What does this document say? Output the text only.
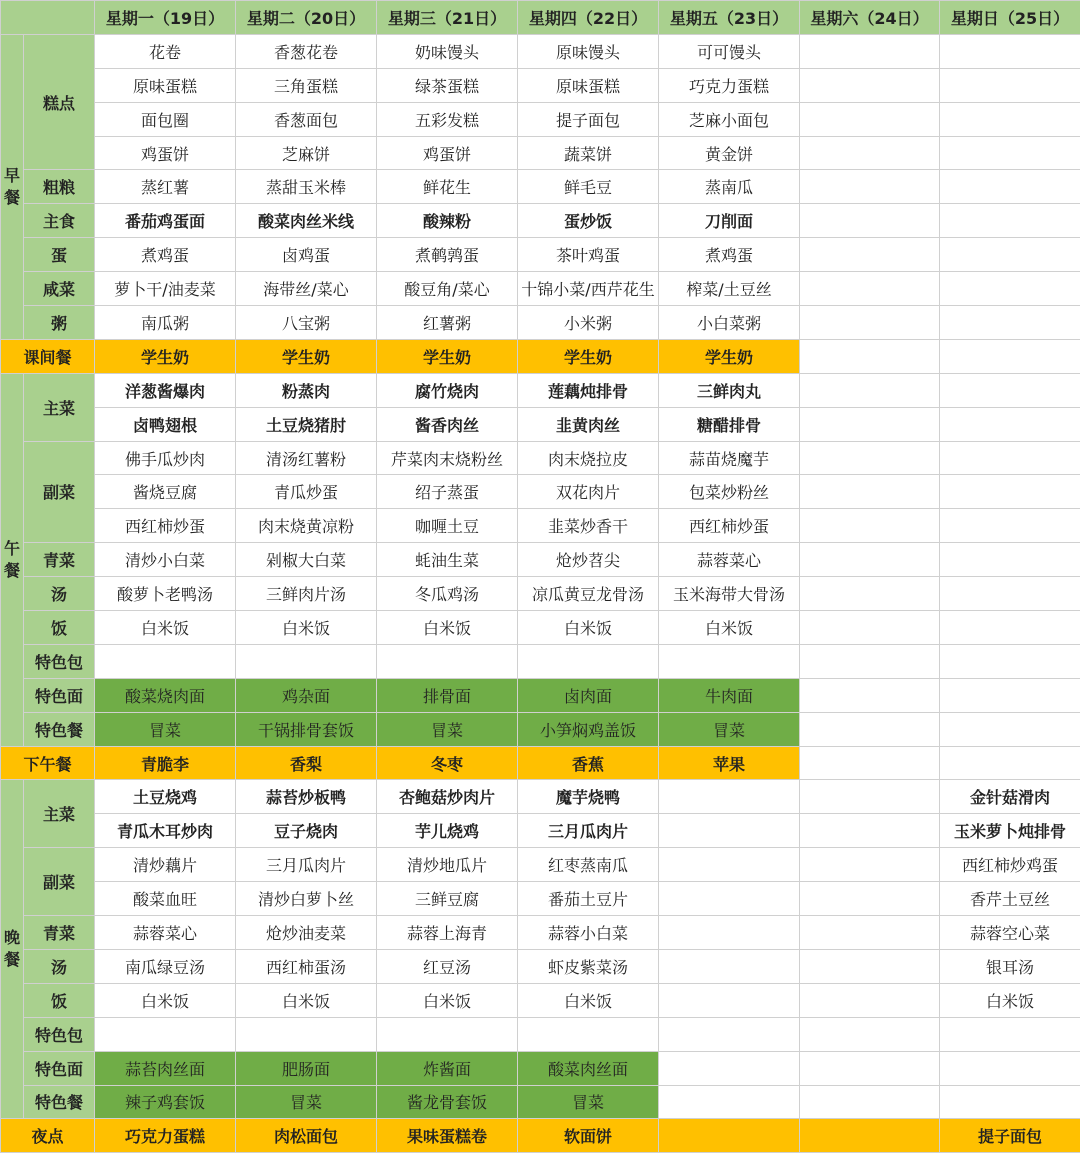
		星期一（19日）	星期二（20日）	星期三（21日）	星期四（22日）	星期五（23日）	星期六（24日）	星期日（25日）
早餐	糕点	花卷	香葱花卷	奶味馒头	原味馒头	可可馒头		
		原味蛋糕	三角蛋糕	绿茶蛋糕	原味蛋糕	巧克力蛋糕		
		面包圈	香葱面包	五彩发糕	提子面包	芝麻小面包		
		鸡蛋饼	芝麻饼	鸡蛋饼	蔬菜饼	黄金饼		
	粗粮	蒸红薯	蒸甜玉米棒	鲜花生	鲜毛豆	蒸南瓜		
	主食	番茄鸡蛋面	酸菜肉丝米线	酸辣粉	蛋炒饭	刀削面		
	蛋	煮鸡蛋	卤鸡蛋	煮鹌鹑蛋	茶叶鸡蛋	煮鸡蛋		
	咸菜	萝卜干/油麦菜	海带丝/菜心	酸豆角/菜心	十锦小菜/西芹花生	榨菜/土豆丝		
	粥	南瓜粥	八宝粥	红薯粥	小米粥	小白菜粥		
课间餐		学生奶	学生奶	学生奶	学生奶	学生奶		
午餐	主菜	洋葱酱爆肉	粉蒸肉	腐竹烧肉	莲藕炖排骨	三鲜肉丸		
		卤鸭翅根	土豆烧猪肘	酱香肉丝	韭黄肉丝	糖醋排骨		
	副菜	佛手瓜炒肉	清汤红薯粉	芹菜肉末烧粉丝	肉末烧拉皮	蒜苗烧魔芋		
		酱烧豆腐	青瓜炒蛋	绍子蒸蛋	双花肉片	包菜炒粉丝		
		西红柿炒蛋	肉末烧黄凉粉	咖喱土豆	韭菜炒香干	西红柿炒蛋		
	青菜	清炒小白菜	剁椒大白菜	蚝油生菜	炝炒苕尖	蒜蓉菜心		
	汤	酸萝卜老鸭汤	三鲜肉片汤	冬瓜鸡汤	凉瓜黄豆龙骨汤	玉米海带大骨汤		
	饭	白米饭	白米饭	白米饭	白米饭	白米饭		
	特色包							
	特色面	酸菜烧肉面	鸡杂面	排骨面	卤肉面	牛肉面		
	特色餐	冒菜	干锅排骨套饭	冒菜	小笋焖鸡盖饭	冒菜		
下午餐		青脆李	香梨	冬枣	香蕉	苹果		
晚餐	主菜	土豆烧鸡	蒜苔炒板鸭	杏鲍菇炒肉片	魔芋烧鸭			金针菇滑肉
		青瓜木耳炒肉	豆子烧肉	芋儿烧鸡	三月瓜肉片			玉米萝卜炖排骨
	副菜	清炒藕片	三月瓜肉片	清炒地瓜片	红枣蒸南瓜			西红柿炒鸡蛋
		酸菜血旺	清炒白萝卜丝	三鲜豆腐	番茄土豆片			香芹土豆丝
	青菜	蒜蓉菜心	炝炒油麦菜	蒜蓉上海青	蒜蓉小白菜			蒜蓉空心菜
	汤	南瓜绿豆汤	西红柿蛋汤	红豆汤	虾皮紫菜汤			银耳汤
	饭	白米饭	白米饭	白米饭	白米饭			白米饭
	特色包							
	特色面	蒜苔肉丝面	肥肠面	炸酱面	酸菜肉丝面			
	特色餐	辣子鸡套饭	冒菜	酱龙骨套饭	冒菜			
夜点		巧克力蛋糕	肉松面包	果味蛋糕卷	软面饼			提子面包
